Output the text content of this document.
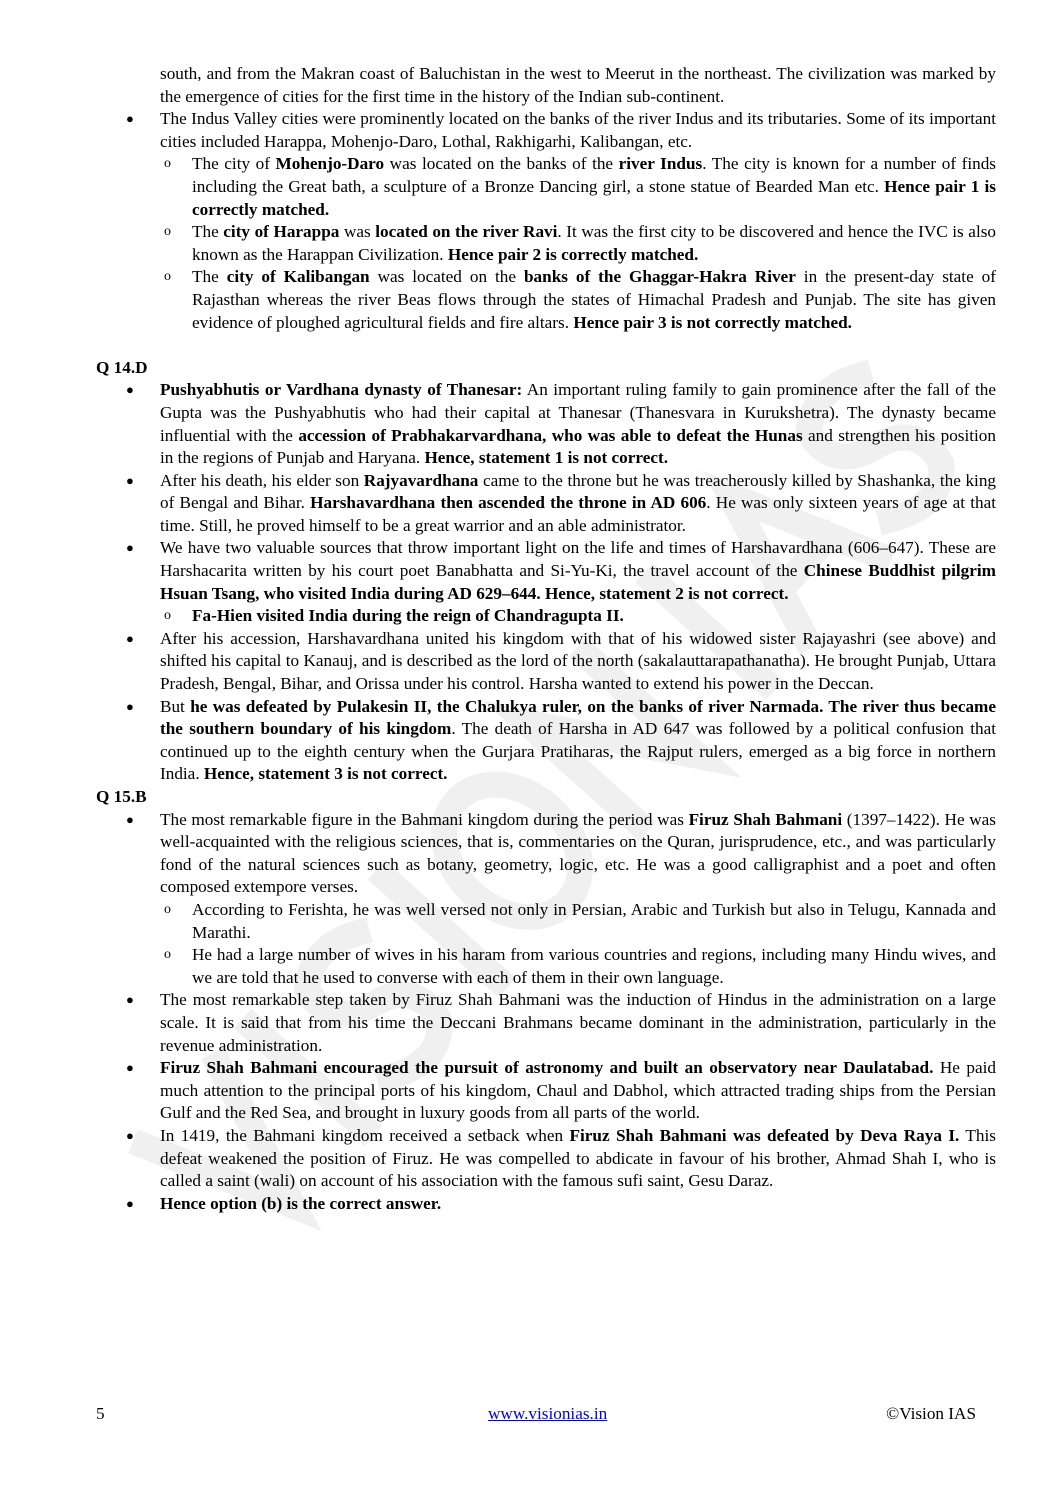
south, and from the Makran coast of Baluchistan in the west to Meerut in the northeast. The civilization was marked by the emergence of cities for the first time in the history of the Indian sub-continent.
● The Indus Valley cities were prominently located on the banks of the river Indus and its tributaries. Some of its important cities included Harappa, Mohenjo-Daro, Lothal, Rakhigarhi, Kalibangan, etc.
o The city of Mohenjo-Daro was located on the banks of the river Indus. The city is known for a number of finds including the Great bath, a sculpture of a Bronze Dancing girl, a stone statue of Bearded Man etc. Hence pair 1 is correctly matched.
o The city of Harappa was located on the river Ravi. It was the first city to be discovered and hence the IVC is also known as the Harappan Civilization. Hence pair 2 is correctly matched.
o The city of Kalibangan was located on the banks of the Ghaggar-Hakra River in the present-day state of Rajasthan whereas the river Beas flows through the states of Himachal Pradesh and Punjab. The site has given evidence of ploughed agricultural fields and fire altars. Hence pair 3 is not correctly matched.
Q 14.D
● Pushyabhutis or Vardhana dynasty of Thanesar: An important ruling family to gain prominence after the fall of the Gupta was the Pushyabhutis who had their capital at Thanesar (Thanesvara in Kurukshetra). The dynasty became influential with the accession of Prabhakarvardhana, who was able to defeat the Hunas and strengthen his position in the regions of Punjab and Haryana. Hence, statement 1 is not correct.
● After his death, his elder son Rajyavardhana came to the throne but he was treacherously killed by Shashanka, the king of Bengal and Bihar. Harshavardhana then ascended the throne in AD 606. He was only sixteen years of age at that time. Still, he proved himself to be a great warrior and an able administrator.
● We have two valuable sources that throw important light on the life and times of Harshavardhana (606–647). These are Harshacarita written by his court poet Banabhatta and Si-Yu-Ki, the travel account of the Chinese Buddhist pilgrim Hsuan Tsang, who visited India during AD 629–644. Hence, statement 2 is not correct.
o Fa-Hien visited India during the reign of Chandragupta II.
● After his accession, Harshavardhana united his kingdom with that of his widowed sister Rajayashri (see above) and shifted his capital to Kanauj, and is described as the lord of the north (sakalauttarapathanatha). He brought Punjab, Uttara Pradesh, Bengal, Bihar, and Orissa under his control. Harsha wanted to extend his power in the Deccan.
● But he was defeated by Pulakesin II, the Chalukya ruler, on the banks of river Narmada. The river thus became the southern boundary of his kingdom. The death of Harsha in AD 647 was followed by a political confusion that continued up to the eighth century when the Gurjara Pratiharas, the Rajput rulers, emerged as a big force in northern India. Hence, statement 3 is not correct.
Q 15.B
● The most remarkable figure in the Bahmani kingdom during the period was Firuz Shah Bahmani (1397–1422). He was well-acquainted with the religious sciences, that is, commentaries on the Quran, jurisprudence, etc., and was particularly fond of the natural sciences such as botany, geometry, logic, etc. He was a good calligraphist and a poet and often composed extempore verses.
o According to Ferishta, he was well versed not only in Persian, Arabic and Turkish but also in Telugu, Kannada and Marathi.
o He had a large number of wives in his haram from various countries and regions, including many Hindu wives, and we are told that he used to converse with each of them in their own language.
● The most remarkable step taken by Firuz Shah Bahmani was the induction of Hindus in the administration on a large scale. It is said that from his time the Deccani Brahmans became dominant in the administration, particularly in the revenue administration.
● Firuz Shah Bahmani encouraged the pursuit of astronomy and built an observatory near Daulatabad. He paid much attention to the principal ports of his kingdom, Chaul and Dabhol, which attracted trading ships from the Persian Gulf and the Red Sea, and brought in luxury goods from all parts of the world.
● In 1419, the Bahmani kingdom received a setback when Firuz Shah Bahmani was defeated by Deva Raya I. This defeat weakened the position of Firuz. He was compelled to abdicate in favour of his brother, Ahmad Shah I, who is called a saint (wali) on account of his association with the famous sufi saint, Gesu Daraz.
● Hence option (b) is the correct answer.
5	www.visionias.in	©Vision IAS
